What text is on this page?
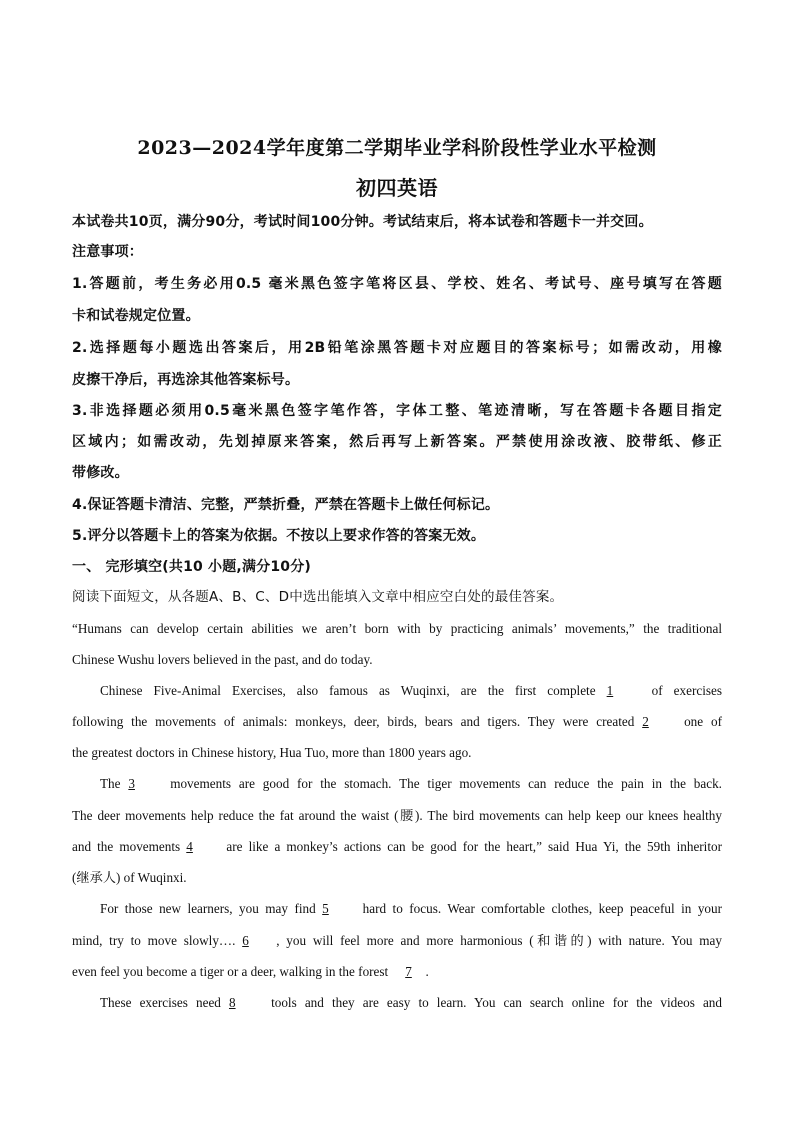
2023—2024学年度第二学期毕业学科阶段性学业水平检测
初四英语
本试卷共10页，满分90分，考试时间100分钟。考试结束后，将本试卷和答题卡一并交回。
注意事项：
1.答题前，考生务必用0.5 毫米黑色签字笔将区县、学校、姓名、考试号、座号填写在答题
卡和试卷规定位置。
2.选择题每小题选出答案后，用2B铅笔涂黑答题卡对应题目的答案标号；如需改动，用橡
皮擦干净后，再选涂其他答案标号。
3.非选择题必须用0.5毫米黑色签字笔作答，字体工整、笔迹清晰，写在答题卡各题目指定
区域内；如需改动，先划掉原来答案，然后再写上新答案。严禁使用涂改液、胶带纸、修正
带修改。
4.保证答题卡清洁、完整，严禁折叠，严禁在答题卡上做任何标记。
5.评分以答题卡上的答案为依据。不按以上要求作答的答案无效。
一、 完形填空(共10 小题,满分10分)
阅读下面短文，从各题A、B、C、D中选出能填入文章中相应空白处的最佳答案。
“Humans can develop certain abilities we aren’t born with by practicing animals’ movements,” the traditional
Chinese Wushu lovers believed in the past, and do today.
Chinese Five-Animal Exercises, also famous as Wuqinxi, are the first complete 1 of exercises
following the movements of animals: monkeys, deer, birds, bears and tigers. They were created 2 one of
the greatest doctors in Chinese history, Hua Tuo, more than 1800 years ago.
The 3 movements are good for the stomach. The tiger movements can reduce the pain in the back.
The deer movements help reduce the fat around the waist (腰). The bird movements can help keep our knees healthy
and the movements 4 are like a monkey’s actions can be good for the heart,” said Hua Yi, the 59th inheritor
(继承人) of Wuqinxi.
For those new learners, you may find 5 hard to focus. Wear comfortable clothes, keep peaceful in your
mind, try to move slowly…. 6 , you will feel more and more harmonious (和谐的) with nature. You may
even feel you become a tiger or a deer, walking in the forest 7 .
These exercises need 8 tools and they are easy to learn. You can search online for the videos and
